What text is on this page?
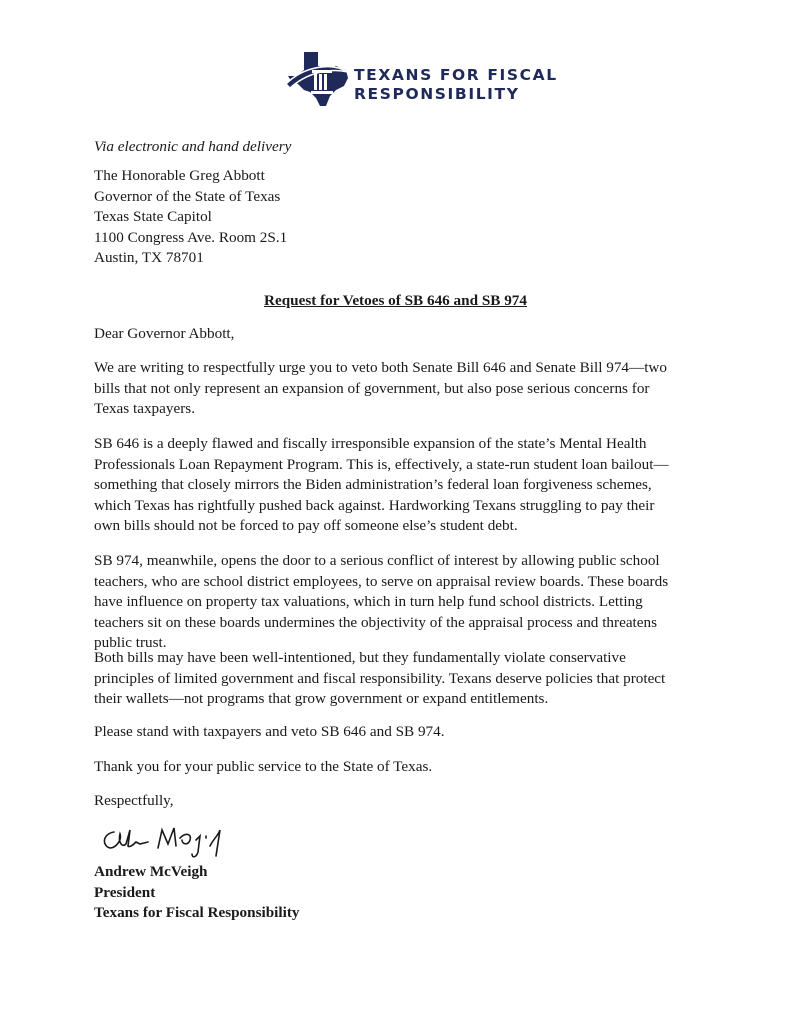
TEXANS FOR FISCAL
RESPONSIBILITY
Via electronic and hand delivery

The Honorable Greg Abbott

Governor of the State of Texas

Texas State Capitol

1100 Congress Ave. Room 2S.1

Austin, TX 78701

Request for Vetoes of SB 646 and SB 974
Dear Governor Abbott,

We are writing to respectfully urge you to veto both Senate Bill 646 and Senate Bill 974—two

bills that not only represent an expansion of government, but also pose serious concerns for

Texas taxpayers.

SB 646 is a deeply flawed and fiscally irresponsible expansion of the state’s Mental Health

Professionals Loan Repayment Program. This is, effectively, a state-run student loan bailout—

something that closely mirrors the Biden administration’s federal loan forgiveness schemes,

which Texas has rightfully pushed back against. Hardworking Texans struggling to pay their

own bills should not be forced to pay off someone else’s student debt.

SB 974, meanwhile, opens the door to a serious conflict of interest by allowing public school

teachers, who are school district employees, to serve on appraisal review boards. These boards

have influence on property tax valuations, which in turn help fund school districts. Letting

teachers sit on these boards undermines the objectivity of the appraisal process and threatens

public trust.

Both bills may have been well-intentioned, but they fundamentally violate conservative

principles of limited government and fiscal responsibility. Texans deserve policies that protect

their wallets—not programs that grow government or expand entitlements.

Please stand with taxpayers and veto SB 646 and SB 974.

Thank you for your public service to the State of Texas.

Respectfully,

Andrew McVeigh

President

Texans for Fiscal Responsibility
